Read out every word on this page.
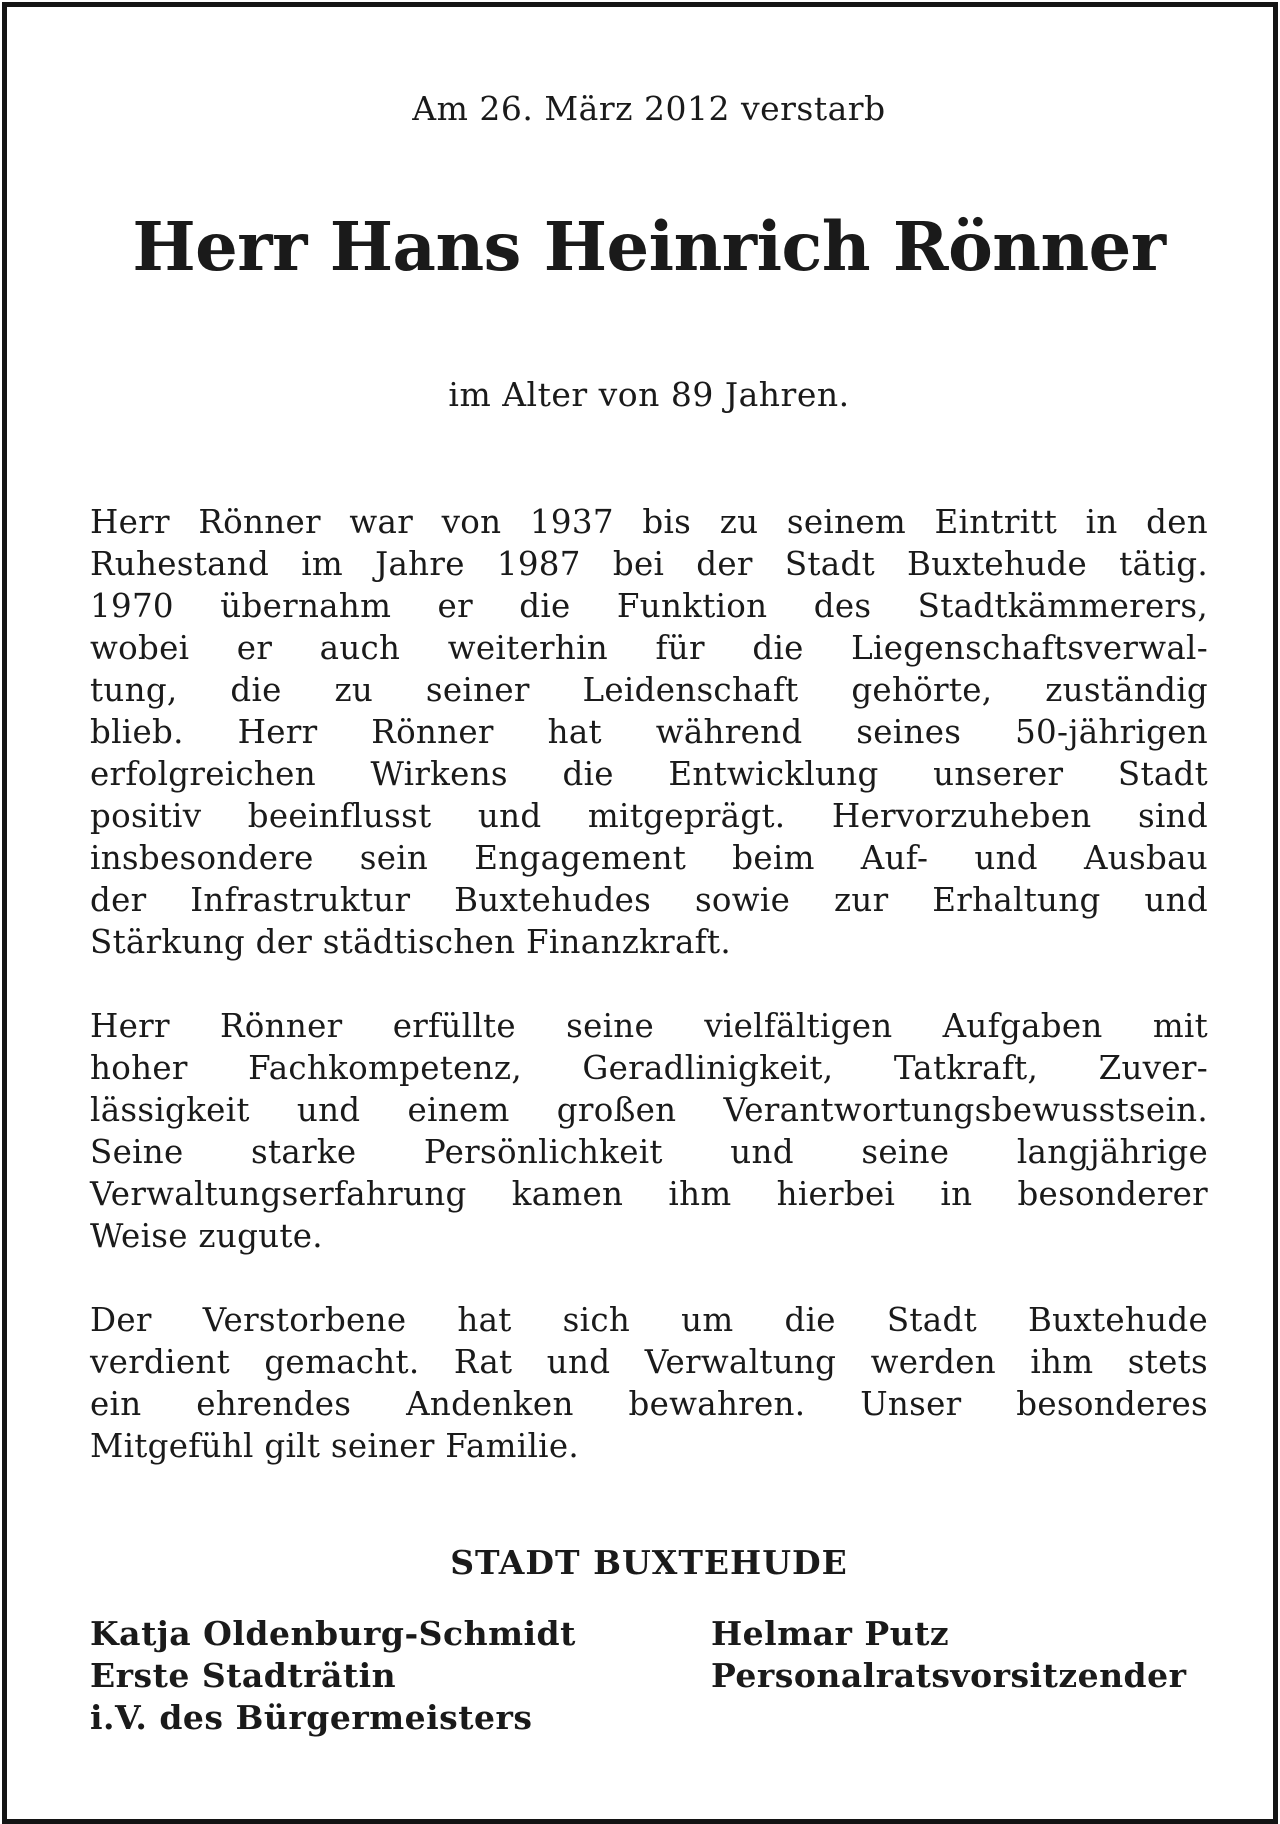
Am 26. März 2012 verstarb
Herr Hans Heinrich Rönner
im Alter von 89 Jahren.
Herr Rönner war von 1937 bis zu seinem Eintritt in den
Ruhestand im Jahre 1987 bei der Stadt Buxtehude tätig.
1970 übernahm er die Funktion des Stadtkämmerers,
wobei er auch weiterhin für die Liegenschaftsverwal-
tung, die zu seiner Leidenschaft gehörte, zuständig
blieb. Herr Rönner hat während seines 50-jährigen
erfolgreichen Wirkens die Entwicklung unserer Stadt
positiv beeinflusst und mitgeprägt. Hervorzuheben sind
insbesondere sein Engagement beim Auf- und Ausbau
der Infrastruktur Buxtehudes sowie zur Erhaltung und
Stärkung der städtischen Finanzkraft.
Herr Rönner erfüllte seine vielfältigen Aufgaben mit
hoher Fachkompetenz, Geradlinigkeit, Tatkraft, Zuver-
lässigkeit und einem großen Verantwortungsbewusstsein.
Seine starke Persönlichkeit und seine langjährige
Verwaltungserfahrung kamen ihm hierbei in besonderer
Weise zugute.
Der Verstorbene hat sich um die Stadt Buxtehude
verdient gemacht. Rat und Verwaltung werden ihm stets
ein ehrendes Andenken bewahren. Unser besonderes
Mitgefühl gilt seiner Familie.
STADT BUXTEHUDE
Katja Oldenburg-Schmidt
Erste Stadträtin
i.V. des Bürgermeisters
Helmar Putz
Personalratsvorsitzender
